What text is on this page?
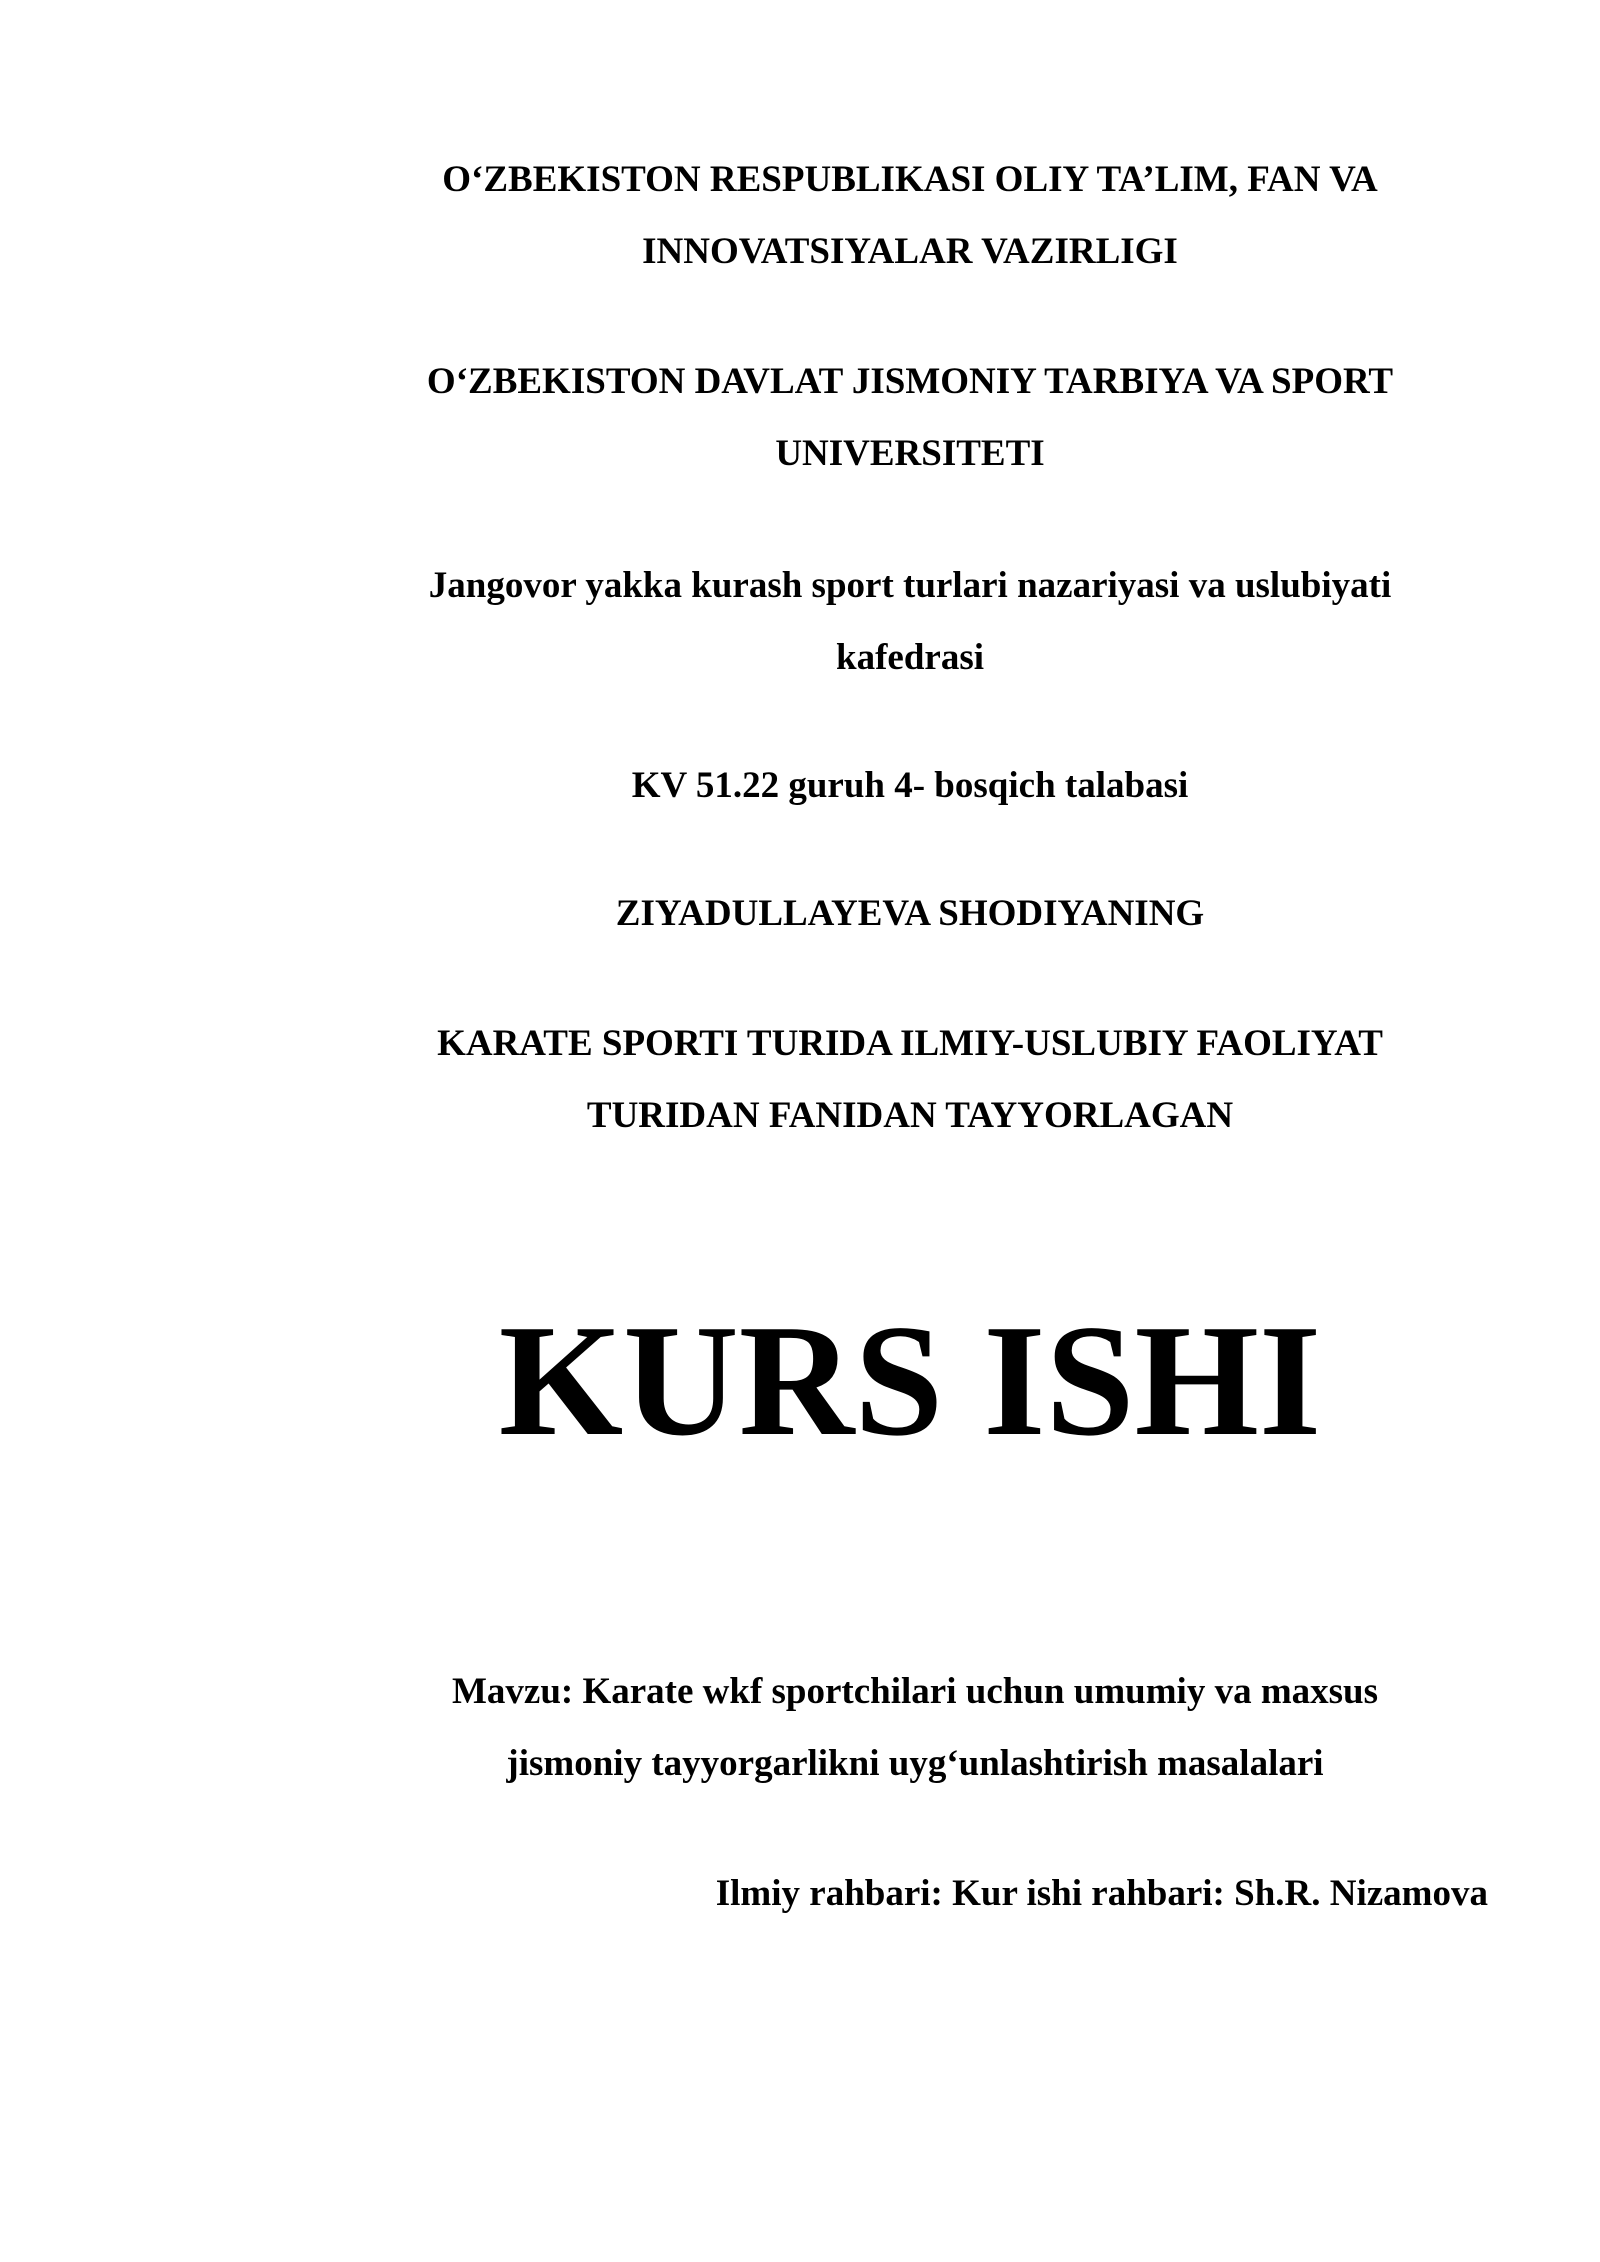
O‘ZBEKISTON RESPUBLIKASI OLIY TA’LIM, FAN VA
INNOVATSIYALAR VAZIRLIGI
O‘ZBEKISTON DAVLAT JISMONIY TARBIYA VA SPORT
UNIVERSITETI
Jangovor yakka kurash sport turlari nazariyasi va uslubiyati
kafedrasi
KV 51.22 guruh 4- bosqich talabasi
ZIYADULLAYEVA SHODIYANING
KARATE SPORTI TURIDA ILMIY-USLUBIY FAOLIYAT
TURIDAN FANIDAN TAYYORLAGAN
KURS ISHI
Mavzu: Karate wkf sportchilari uchun umumiy va maxsus
jismoniy tayyorgarlikni uyg‘unlashtirish masalalari
Ilmiy rahbari: Kur ishi rahbari: Sh.R. Nizamova
